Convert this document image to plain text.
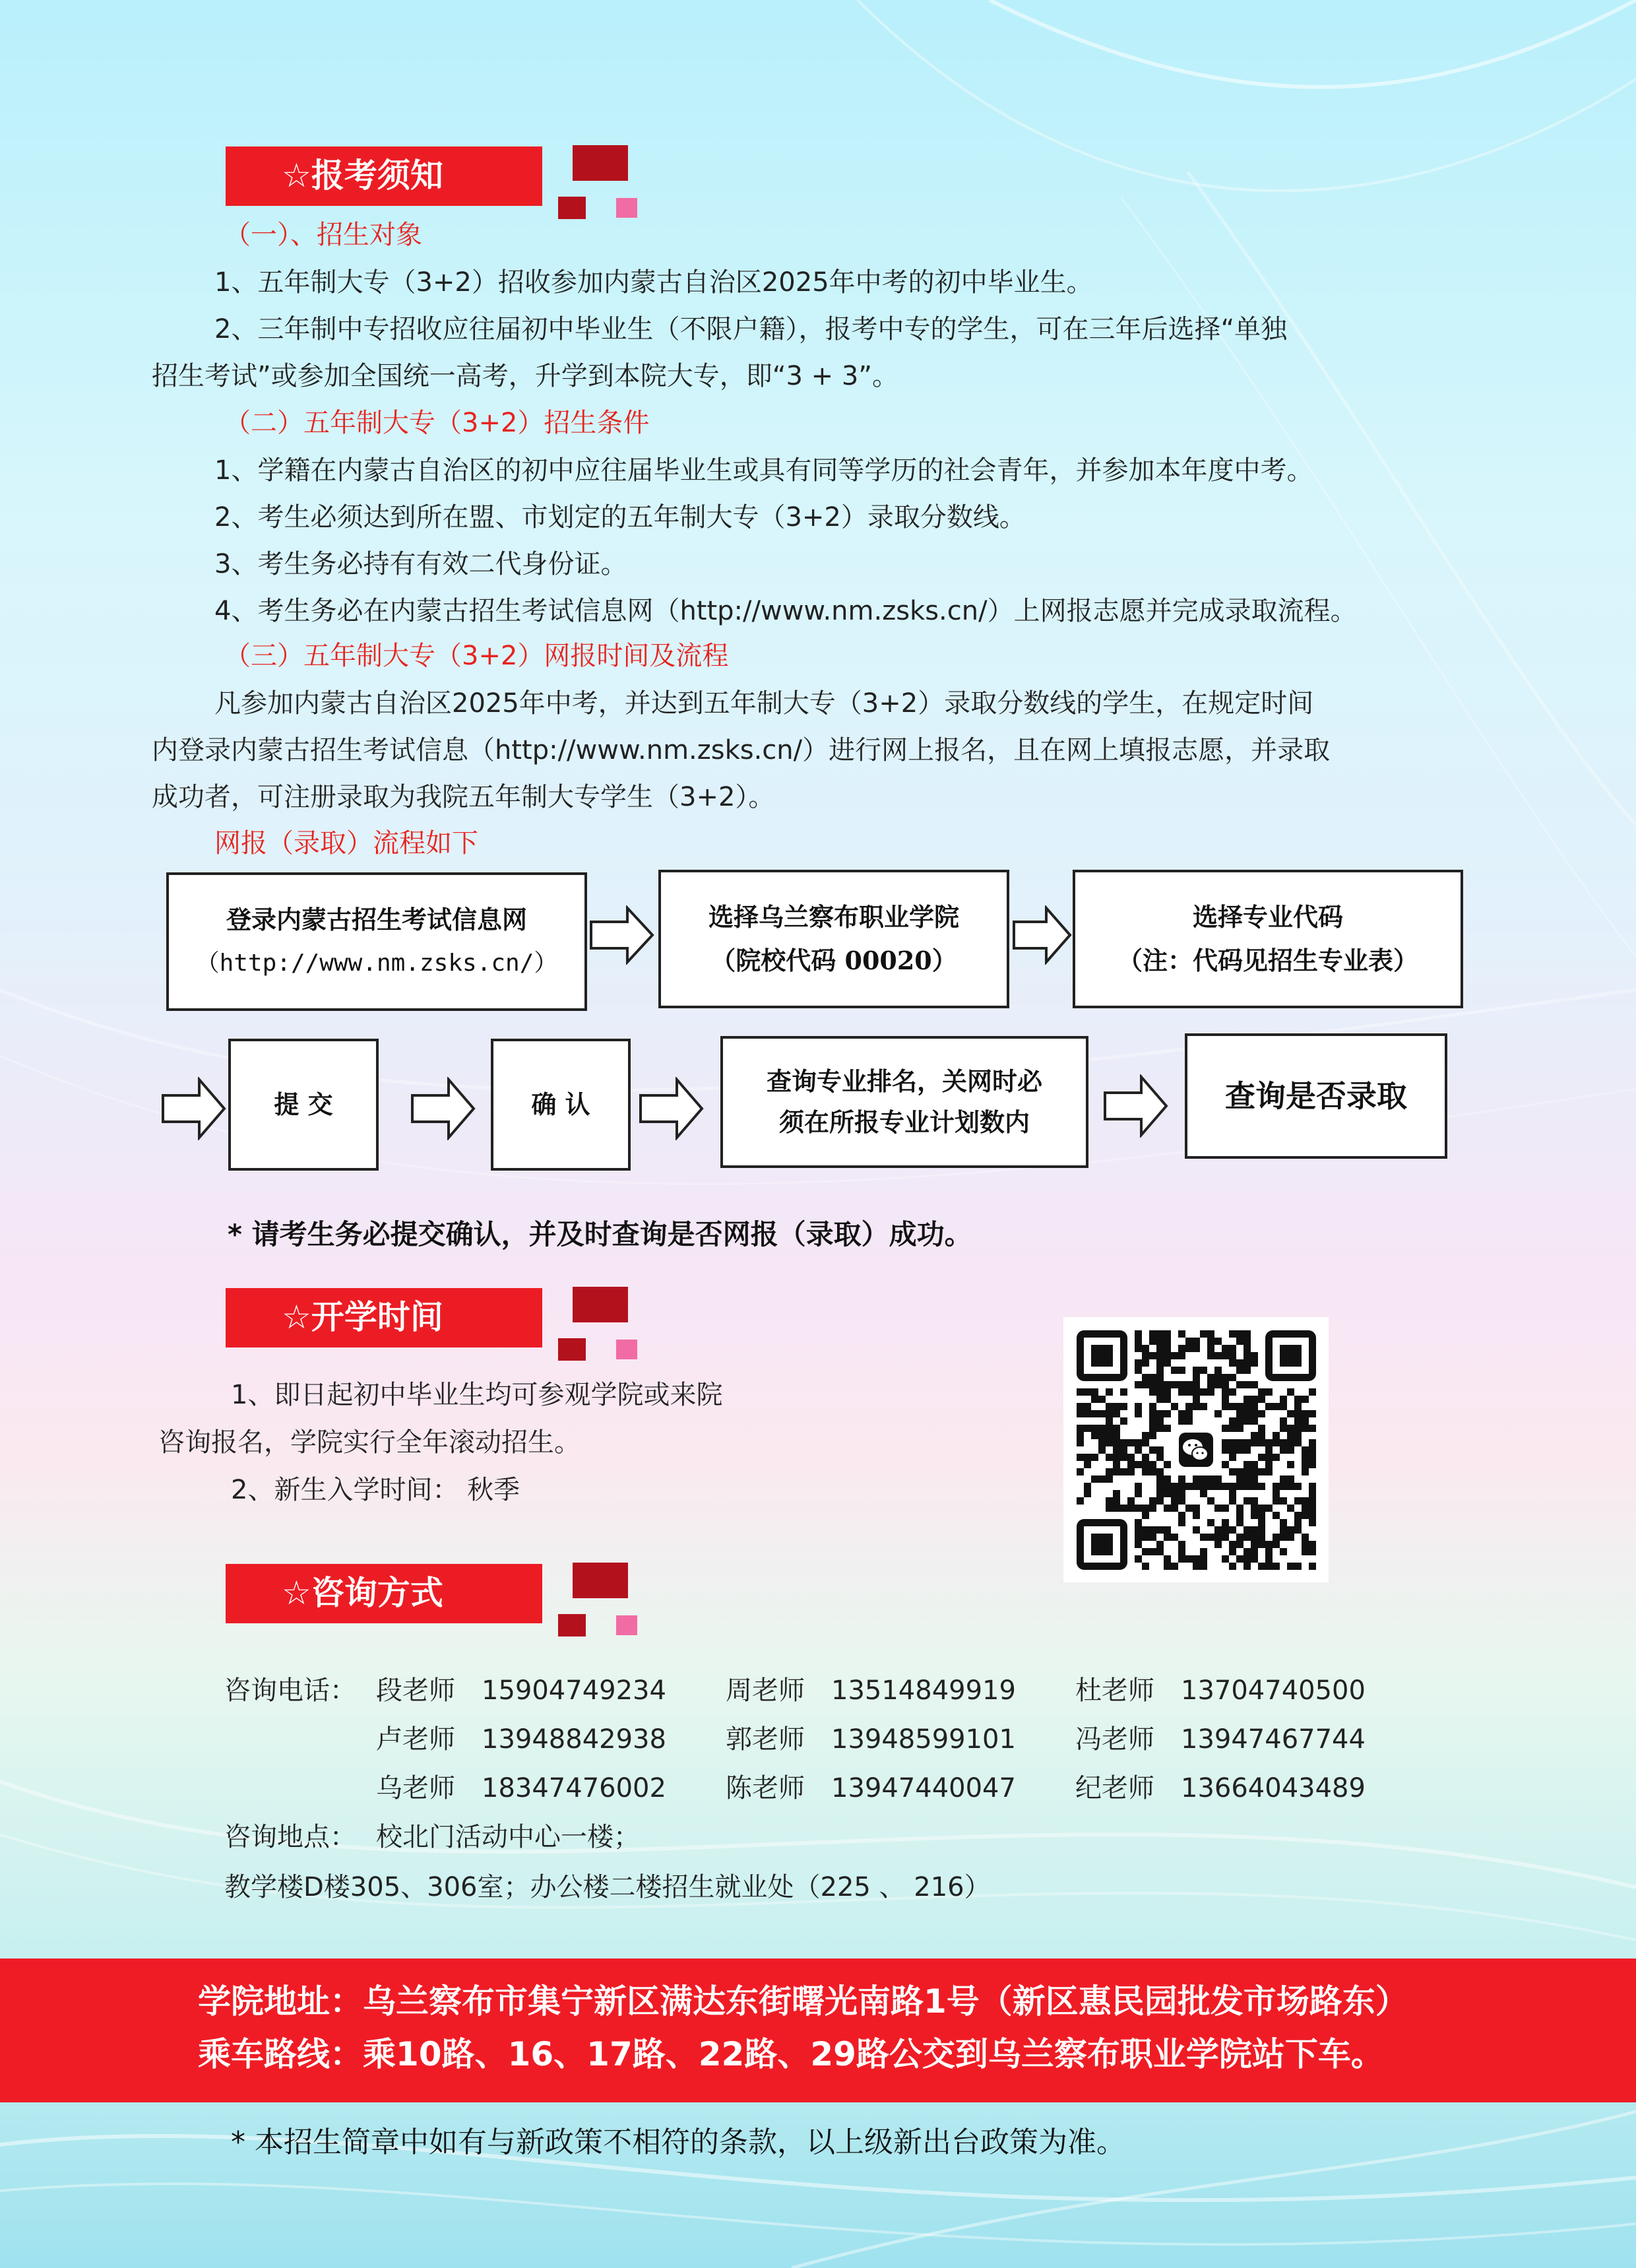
☆报考须知
（一）、招生对象
1、五年制大专（3+2）招收参加内蒙古自治区2025年中考的初中毕业生。
2、三年制中专招收应往届初中毕业生（不限户籍），报考中专的学生，可在三年后选择“单独
招生考试”或参加全国统一高考，升学到本院大专，即“3 + 3”。
（二）五年制大专（3+2）招生条件
1、学籍在内蒙古自治区的初中应往届毕业生或具有同等学历的社会青年，并参加本年度中考。
2、考生必须达到所在盟、市划定的五年制大专（3+2）录取分数线。
3、考生务必持有有效二代身份证。
4、考生务必在内蒙古招生考试信息网（http://www.nm.zsks.cn/）上网报志愿并完成录取流程。
（三）五年制大专（3+2）网报时间及流程
凡参加内蒙古自治区2025年中考，并达到五年制大专（3+2）录取分数线的学生，在规定时间
内登录内蒙古招生考试信息（http://www.nm.zsks.cn/）进行网上报名，且在网上填报志愿，并录取
成功者，可注册录取为我院五年制大专学生（3+2）。
网报（录取）流程如下
登录内蒙古招生考试信息网
（http://www.nm.zsks.cn/）
选择乌兰察布职业学院
（院校代码 00020）
选择专业代码
（注：代码见招生专业表）
提 交	确 认
查询专业排名，关网时必
须在所报专业计划数内
查询是否录取
* 请考生务必提交确认，并及时查询是否网报（录取）成功。
☆开学时间
1、即日起初中毕业生均可参观学院或来院
咨询报名，学院实行全年滚动招生。
2、新生入学时间： 秋季
☆咨询方式
咨询电话： 段老师 15904749234 周老师 13514849919 杜老师 13704740500
卢老师 13948842938 郭老师 13948599101 冯老师 13947467744
乌老师 18347476002 陈老师 13947440047 纪老师 13664043489
咨询地点： 校北门活动中心一楼；
教学楼D楼305、306室；办公楼二楼招生就业处（225 、 216）
学院地址：乌兰察布市集宁新区满达东街曙光南路1号（新区惠民园批发市场路东）
乘车路线：乘10路、16、17路、22路、29路公交到乌兰察布职业学院站下车。
* 本招生简章中如有与新政策不相符的条款，以上级新出台政策为准。
